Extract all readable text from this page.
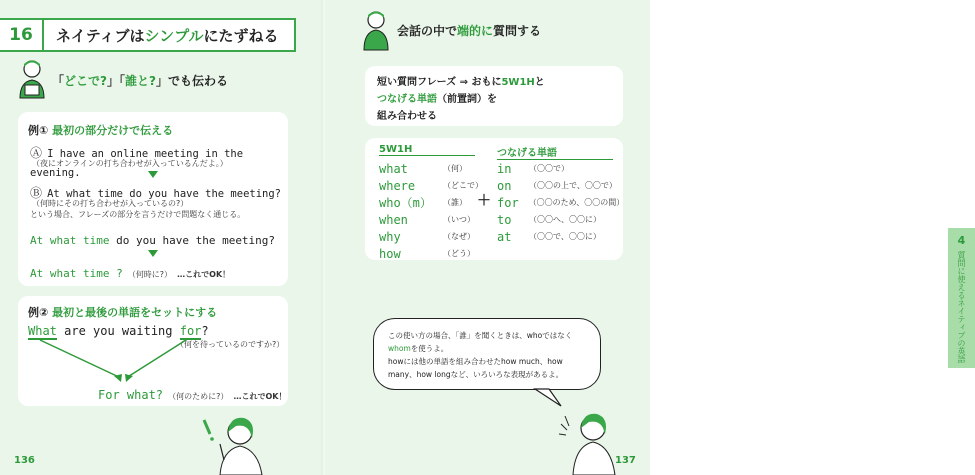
16	ネイティブはシンプルにたずねる
「どこで?」「誰と?」でも伝わる
例① 最初の部分だけで伝える
Ⓐ I have an online meeting in the evening.
（夜にオンラインの打ち合わせが入っているんだよ。）
Ⓑ At what time do you have the meeting?
（何時にその打ち合わせが入っているの?）
という場合、フレーズの部分を言うだけで問題なく通じる。
At what time do you have the meeting?
At what time ? （何時に?） …これでOK！
例② 最初と最後の単語をセットにする
What are you waiting for?
（何を待っているのですか?）
For what? （何のために?） …これでOK！
136
会話の中で端的に質問する
短い質問フレーズ ⇒ おもに5W1Hと
つなげる単語（前置詞）を
組み合わせる
5W1H	つなげる単語
what	（何）
where	（どこで）
who（m）	（誰）
when	（いつ）
why	（なぜ）
how	（どう）
＋
in	（〇〇で）
on	（〇〇の上で、〇〇で）
for	（〇〇のため、〇〇の間）
to	（〇〇へ、〇〇に）
at	（〇〇で、〇〇に）
この使い方の場合、「誰」を聞くときは、whoではなく
whomを使うよ。
howには他の単語を組み合わせたhow much、how
many、how longなど、いろいろな表現があるよ。
4
質問に使えるネイティブの英語
137
